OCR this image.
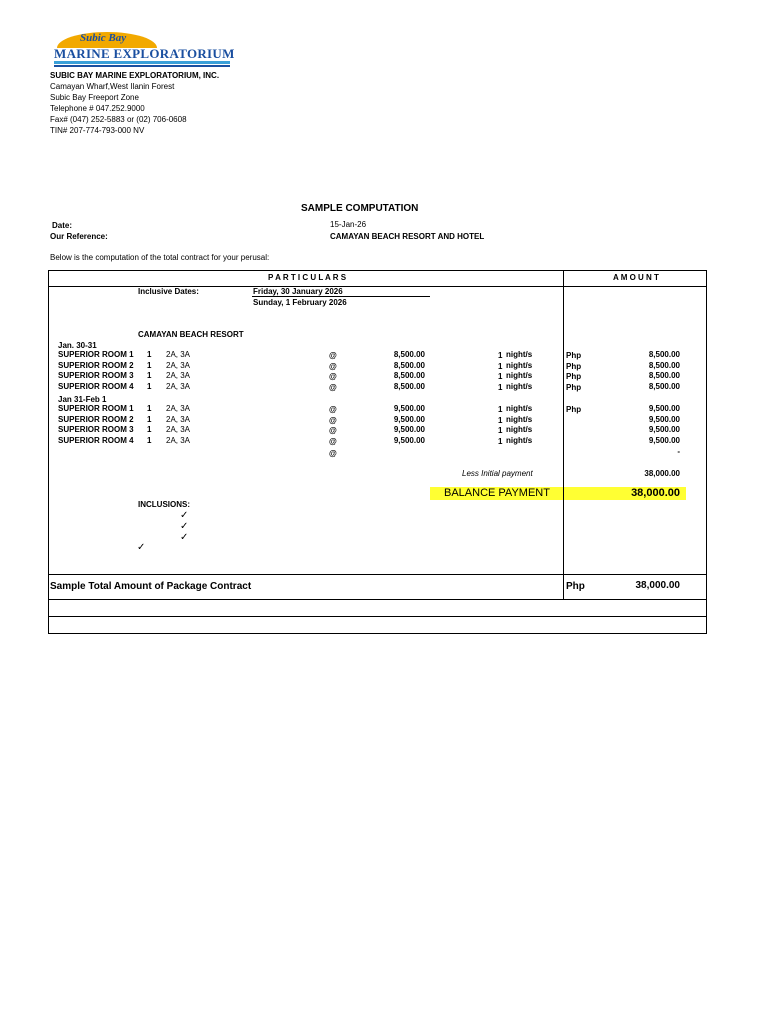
Subic Bay
MARINE EXPLORATORIUM
SUBIC BAY MARINE EXPLORATORIUM, INC.
Camayan Wharf,West Ilanin Forest
Subic Bay Freeport Zone
Telephone # 047.252.9000
Fax# (047) 252-5883 or (02) 706-0608
TIN# 207-774-793-000 NV
SAMPLE COMPUTATION
Date:	15-Jan-26
Our Reference:	CAMAYAN BEACH RESORT AND HOTEL
Below is the computation of the total contract for your perusal:
P A R T I C U L A R S	A M O U N T
Inclusive Dates:	Friday, 30 January 2026
Sunday, 1 February 2026
CAMAYAN BEACH RESORT
Jan. 30-31
SUPERIOR ROOM 1 1 2A, 3A	@	8,500.00	1 night/s	Php	8,500.00
SUPERIOR ROOM 2 1 2A, 3A	@	8,500.00	1 night/s	Php	8,500.00
SUPERIOR ROOM 3 1 2A, 3A	@	8,500.00	1 night/s	Php	8,500.00
SUPERIOR ROOM 4 1 2A, 3A	@	8,500.00	1 night/s	Php	8,500.00
Jan 31-Feb 1
SUPERIOR ROOM 1 1 2A, 3A	@	9,500.00	1 night/s	Php	9,500.00
SUPERIOR ROOM 2 1 2A, 3A	@	9,500.00	1 night/s	9,500.00
SUPERIOR ROOM 3 1 2A, 3A	@	9,500.00	1 night/s	9,500.00
SUPERIOR ROOM 4 1 2A, 3A	@	9,500.00	1 night/s	9,500.00
@	-
Less Initial payment	38,000.00
BALANCE PAYMENT	38,000.00
INCLUSIONS:
✓
✓
✓
✓
Sample Total Amount of Package Contract	Php	38,000.00
